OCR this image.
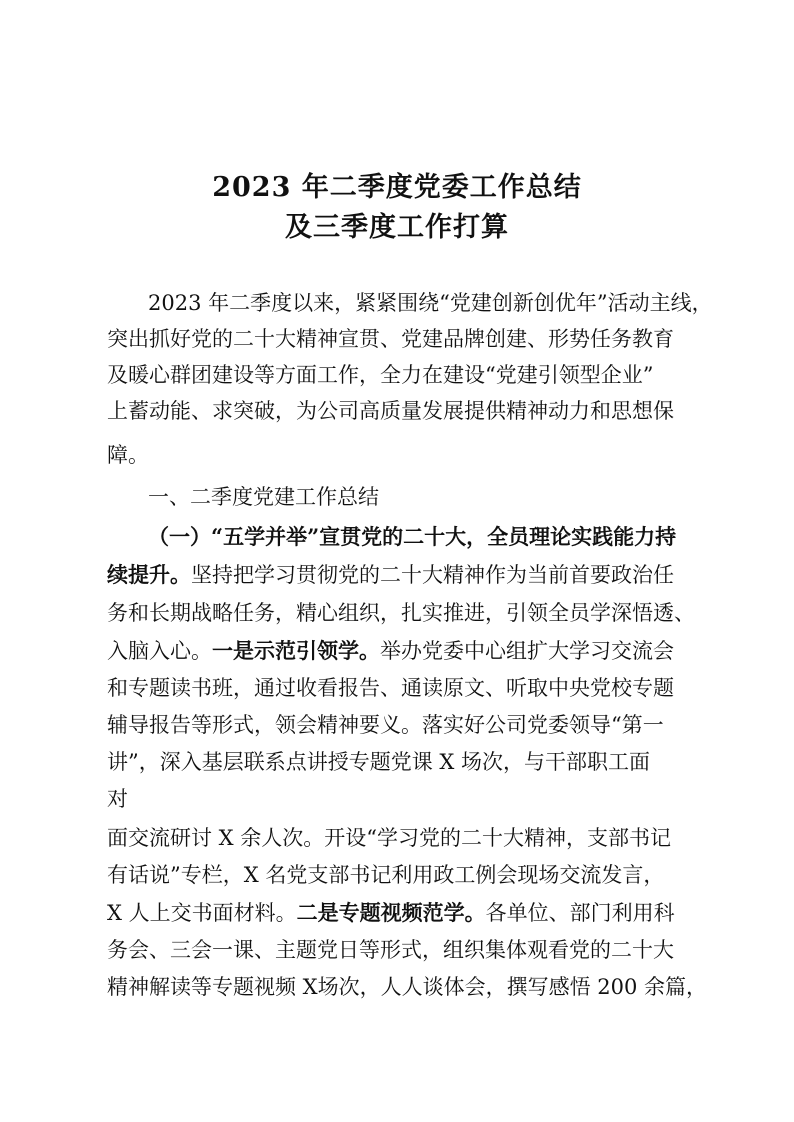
2023 年二季度党委工作总结
及三季度工作打算
2023 年二季度以来，紧紧围绕“党建创新创优年”活动主线，
突出抓好党的二十大精神宣贯、党建品牌创建、形势任务教育
及暖心群团建设等方面工作，全力在建设“党建引领型企业”
上蓄动能、求突破，为公司高质量发展提供精神动力和思想保
障。
一、二季度党建工作总结
（一）“五学并举”宣贯党的二十大，全员理论实践能力持
续提升。坚持把学习贯彻党的二十大精神作为当前首要政治任
务和长期战略任务，精心组织，扎实推进，引领全员学深悟透、
入脑入心。一是示范引领学。举办党委中心组扩大学习交流会
和专题读书班，通过收看报告、通读原文、听取中央党校专题
辅导报告等形式，领会精神要义。落实好公司党委领导“第一
讲”，深入基层联系点讲授专题党课 X 场次，与干部职工面
对
面交流研讨 X 余人次。开设“学习党的二十大精神，支部书记
有话说”专栏，X 名党支部书记利用政工例会现场交流发言，
X 人上交书面材料。二是专题视频范学。各单位、部门利用科
务会、三会一课、主题党日等形式，组织集体观看党的二十大
精神解读等专题视频 X场次，人人谈体会，撰写感悟 200 余篇，
